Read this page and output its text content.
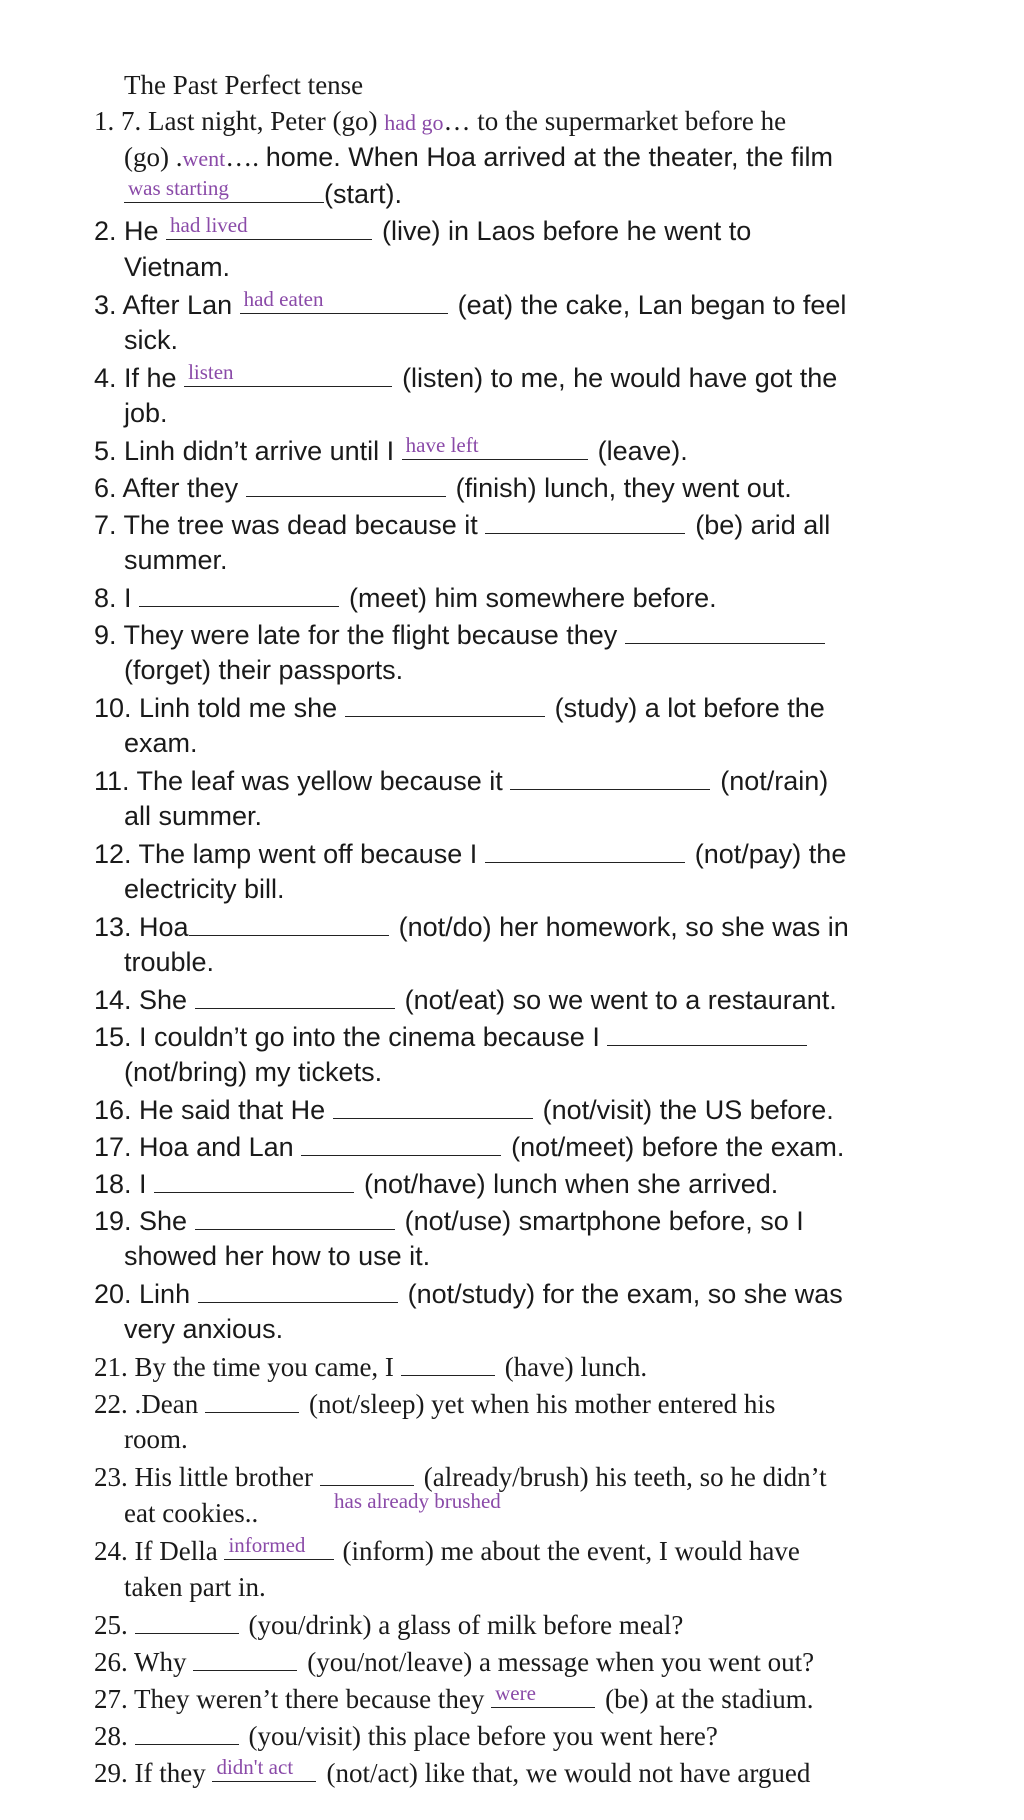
The Past Perfect tense
1. 7. Last night, Peter (go) had go… to the supermarket before he
(go) .went…. home. When Hoa arrived at the theater, the film
was starting	(start).
2. He had lived	(live) in Laos before he went to
Vietnam.
3. After Lan had eaten	(eat) the cake, Lan began to feel
sick.
4. If he listen	(listen) to me, he would have got the
job.
5. Linh didn’t arrive until I have left	(leave).
6. After they	(finish) lunch, they went out.
7. The tree was dead because it	(be) arid all
summer.
8. I	(meet) him somewhere before.
9. They were late for the flight because they
(forget) their passports.
10. Linh told me she	(study) a lot before the
exam.
11. The leaf was yellow because it	(not/rain)
all summer.
12. The lamp went off because I	(not/pay) the
electricity bill.
13. Hoa	(not/do) her homework, so she was in
trouble.
14. She	(not/eat) so we went to a restaurant.
15. I couldn’t go into the cinema because I
(not/bring) my tickets.
16. He said that He	(not/visit) the US before.
17. Hoa and Lan	(not/meet) before the exam.
18. I	(not/have) lunch when she arrived.
19. She	(not/use) smartphone before, so I
showed her how to use it.
20. Linh	(not/study) for the exam, so she was
very anxious.
21. By the time you came, I	(have) lunch.
22. .Dean	(not/sleep) yet when his mother entered his
room.
23. His little brother	(already/brush) his teeth, so he didn’t
eat cookies..	has already brushed
24. If Della informed (inform) me about the event, I would have
taken part in.
25.	(you/drink) a glass of milk before meal?
26. Why	(you/not/leave) a message when you went out?
27. They weren’t there because they were	(be) at the stadium.
28.	(you/visit) this place before you went here?
29. If they didn't act (not/act) like that, we would not have argued
